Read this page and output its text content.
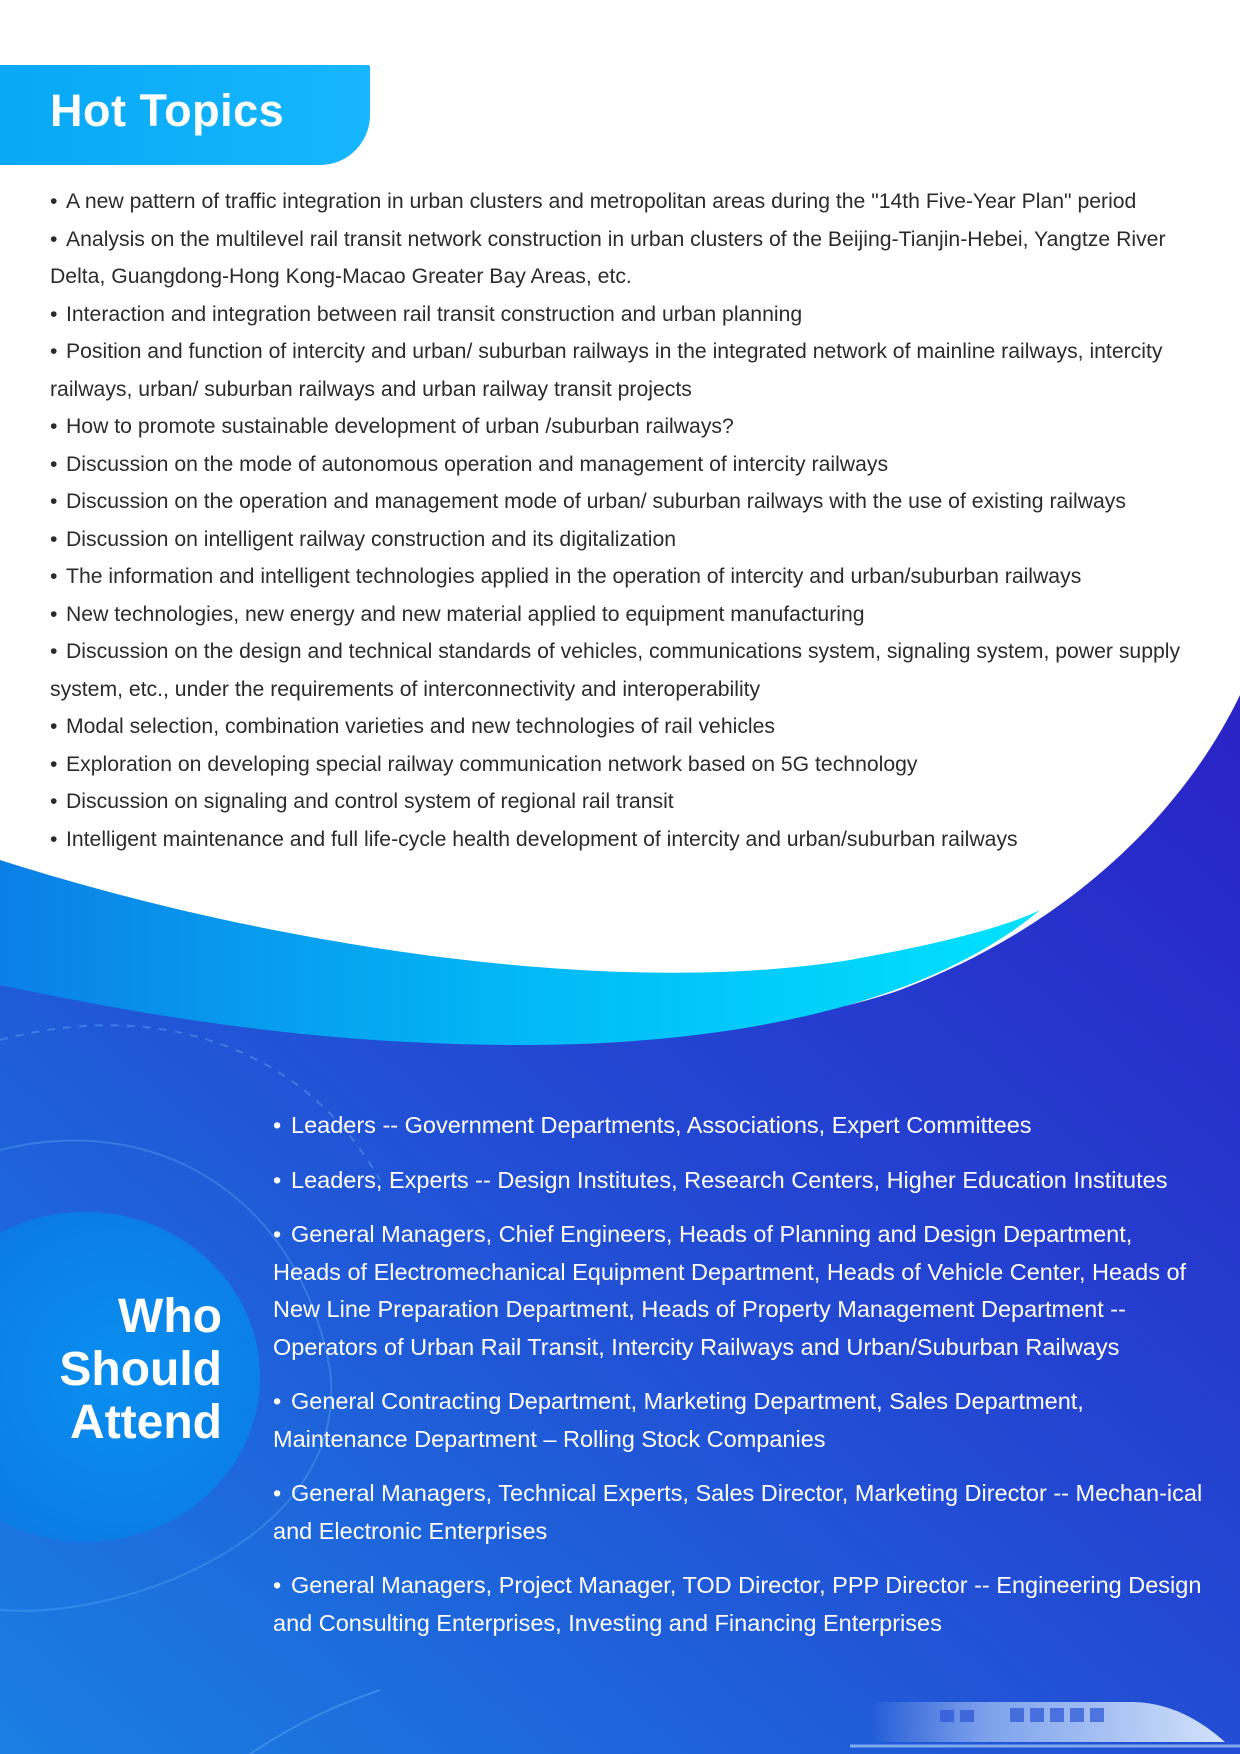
Hot Topics
• A new pattern of traffic integration in urban clusters and metropolitan areas during the "14th Five-Year Plan" period
• Analysis on the multilevel rail transit network construction in urban clusters of the Beijing-Tianjin-Hebei, Yangtze River Delta, Guangdong-Hong Kong-Macao Greater Bay Areas, etc.
• Interaction and integration between rail transit construction and urban planning
• Position and function of intercity and urban/ suburban railways in the integrated network of mainline railways, intercity railways, urban/ suburban railways and urban railway transit projects
• How to promote sustainable development of urban /suburban railways?
• Discussion on the mode of autonomous operation and management of intercity railways
• Discussion on the operation and management mode of urban/ suburban railways with the use of existing railways
• Discussion on intelligent railway construction and its digitalization
• The information and intelligent technologies applied in the operation of intercity and urban/suburban railways
• New technologies, new energy and new material applied to equipment manufacturing
• Discussion on the design and technical standards of vehicles, communications system, signaling system, power supply system, etc., under the requirements of interconnectivity and interoperability
• Modal selection, combination varieties and new technologies of rail vehicles
• Exploration on developing special railway communication network based on 5G technology
• Discussion on signaling and control system of regional rail transit
• Intelligent maintenance and full life-cycle health development of intercity and urban/suburban railways
Who
Should
Attend
• Leaders -- Government Departments, Associations, Expert Committees
• Leaders, Experts -- Design Institutes, Research Centers, Higher Education Institutes
• General Managers, Chief Engineers, Heads of Planning and Design Department, Heads of Electromechanical Equipment Department, Heads of Vehicle Center, Heads of New Line Preparation Department, Heads of Property Management Department -- Operators of Urban Rail Transit, Intercity Railways and Urban/Suburban Railways
• General Contracting Department, Marketing Department, Sales Department, Maintenance Department – Rolling Stock Companies
• General Managers, Technical Experts, Sales Director, Marketing Director -- Mechan-ical and Electronic Enterprises
• General Managers, Project Manager, TOD Director, PPP Director -- Engineering Design and Consulting Enterprises, Investing and Financing Enterprises
